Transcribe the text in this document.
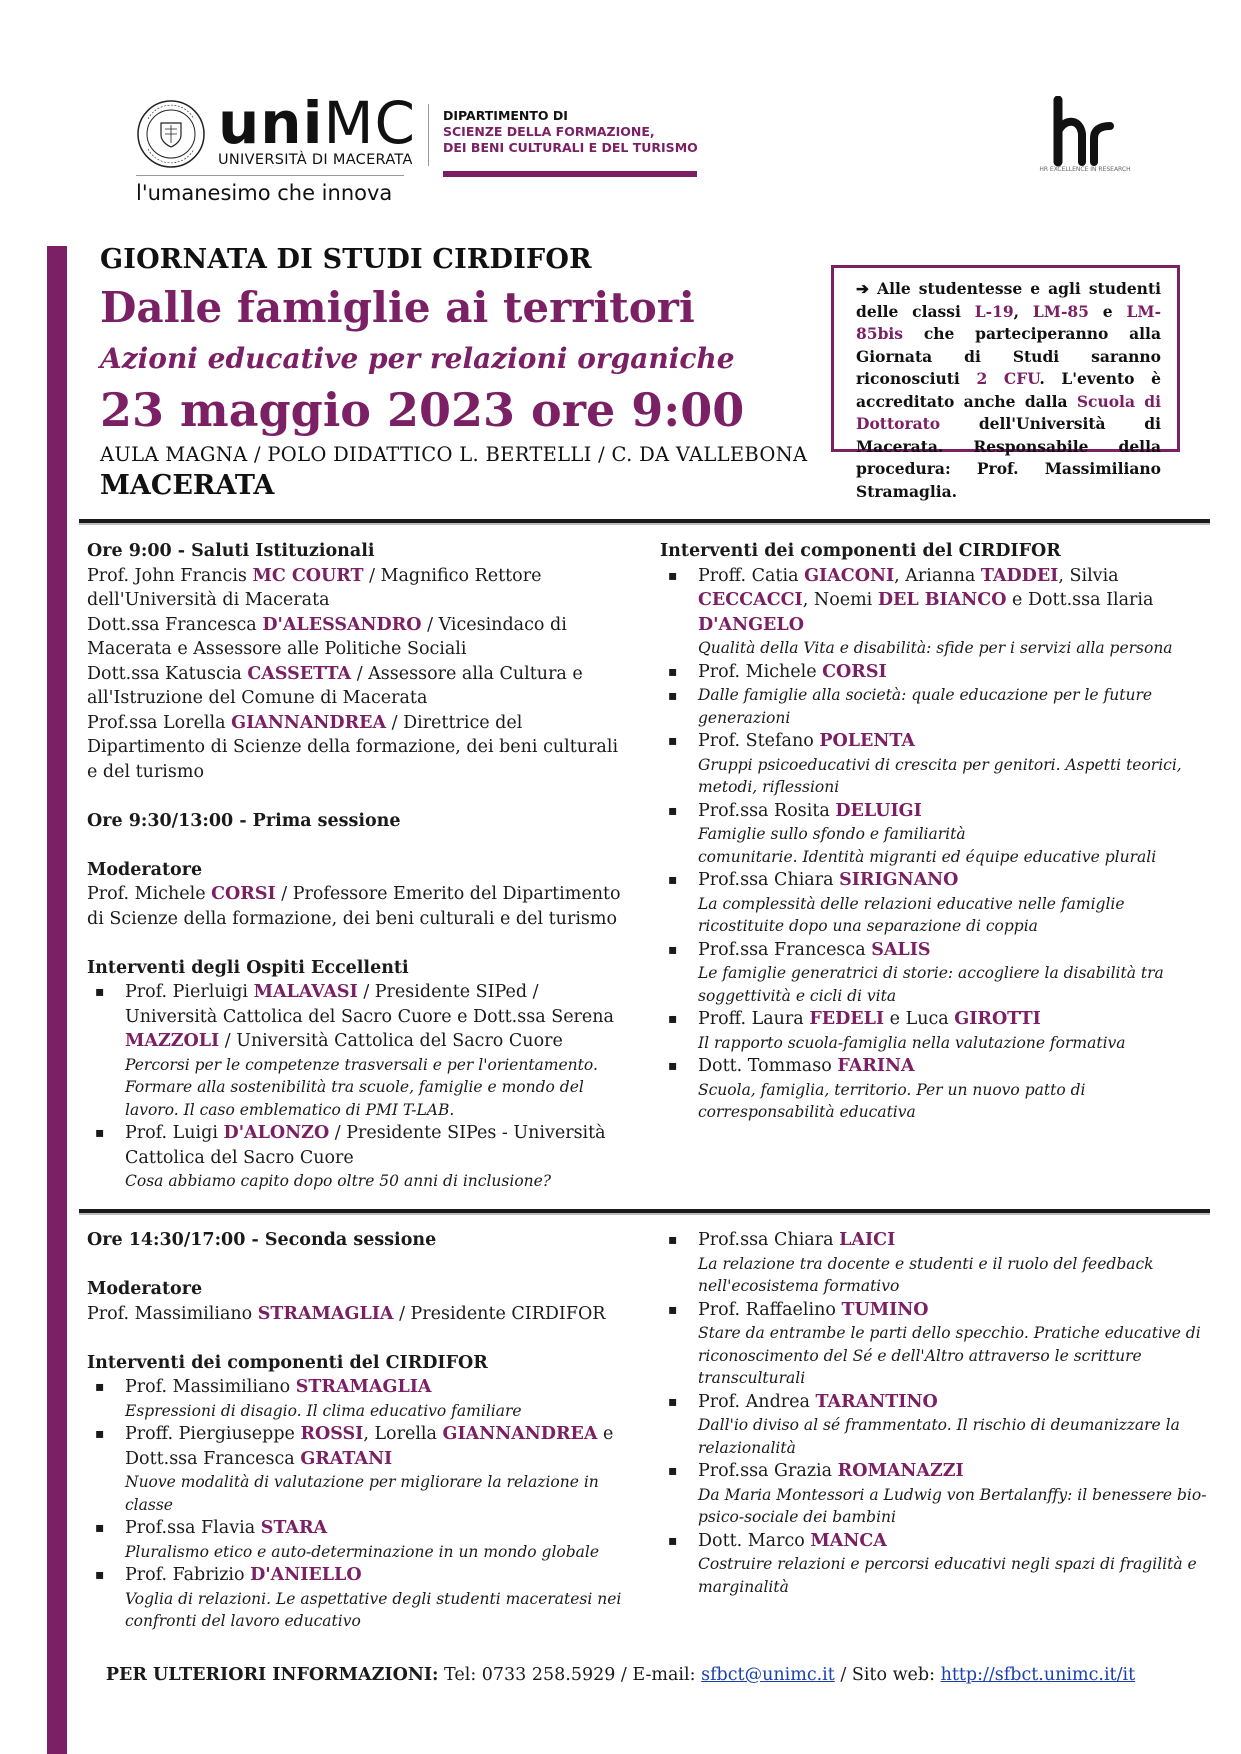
uniMC
UNIVERSITÀ DI MACERATA
l'umanesimo che innova
DIPARTIMENTO DI
SCIENZE DELLA FORMAZIONE,
DEI BENI CULTURALI E DEL TURISMO
HR EXCELLENCE IN RESEARCH
GIORNATA DI STUDI CIRDIFOR
Dalle famiglie ai territori
Azioni educative per relazioni organiche
23 maggio 2023 ore 9:00
AULA MAGNA / POLO DIDATTICO L. BERTELLI / C. DA VALLEBONA
MACERATA
➔ Alle studentesse e agli studenti delle classi L-19, LM-85 e LM-85bis che parteciperanno alla Giornata di Studi saranno riconosciuti 2 CFU. L'evento è accreditato anche dalla Scuola di Dottorato dell'Università di Macerata. Responsabile della procedura: Prof. Massimiliano Stramaglia.
Ore 9:00 - Saluti Istituzionali
Prof. John Francis MC COURT / Magnifico Rettore dell'Università di Macerata
Dott.ssa Francesca D'ALESSANDRO / Vicesindaco di Macerata e Assessore alle Politiche Sociali
Dott.ssa Katuscia CASSETTA / Assessore alla Cultura e all'Istruzione del Comune di Macerata
Prof.ssa Lorella GIANNANDREA / Direttrice del Dipartimento di Scienze della formazione, dei beni culturali e del turismo
Ore 9:30/13:00 - Prima sessione
Moderatore
Prof. Michele CORSI / Professore Emerito del Dipartimento di Scienze della formazione, dei beni culturali e del turismo
Interventi degli Ospiti Eccellenti
▪ Prof. Pierluigi MALAVASI / Presidente SIPed / Università Cattolica del Sacro Cuore e Dott.ssa Serena MAZZOLI / Università Cattolica del Sacro Cuore
Percorsi per le competenze trasversali e per l'orientamento. Formare alla sostenibilità tra scuole, famiglie e mondo del lavoro. Il caso emblematico di PMI T-LAB.
▪ Prof. Luigi D'ALONZO / Presidente SIPes - Università Cattolica del Sacro Cuore
Cosa abbiamo capito dopo oltre 50 anni di inclusione?
Interventi dei componenti del CIRDIFOR
▪ Proff. Catia GIACONI, Arianna TADDEI, Silvia CECCACCI, Noemi DEL BIANCO e Dott.ssa Ilaria D'ANGELO
Qualità della Vita e disabilità: sfide per i servizi alla persona
▪ Prof. Michele CORSI
▪ Dalle famiglie alla società: quale educazione per le future generazioni
▪ Prof. Stefano POLENTA
Gruppi psicoeducativi di crescita per genitori. Aspetti teorici, metodi, riflessioni
▪ Prof.ssa Rosita DELUIGI
Famiglie sullo sfondo e familiarità
comunitarie. Identità migranti ed équipe educative plurali
▪ Prof.ssa Chiara SIRIGNANO
La complessità delle relazioni educative nelle famiglie ricostituite dopo una separazione di coppia
▪ Prof.ssa Francesca SALIS
Le famiglie generatrici di storie: accogliere la disabilità tra soggettività e cicli di vita
▪ Proff. Laura FEDELI e Luca GIROTTI
Il rapporto scuola-famiglia nella valutazione formativa
▪ Dott. Tommaso FARINA
Scuola, famiglia, territorio. Per un nuovo patto di corresponsabilità educativa
Ore 14:30/17:00 - Seconda sessione
Moderatore
Prof. Massimiliano STRAMAGLIA / Presidente CIRDIFOR
Interventi dei componenti del CIRDIFOR
▪ Prof. Massimiliano STRAMAGLIA
Espressioni di disagio. Il clima educativo familiare
▪ Proff. Piergiuseppe ROSSI, Lorella GIANNANDREA e Dott.ssa Francesca GRATANI
Nuove modalità di valutazione per migliorare la relazione in classe
▪ Prof.ssa Flavia STARA
Pluralismo etico e auto-determinazione in un mondo globale
▪ Prof. Fabrizio D'ANIELLO
Voglia di relazioni. Le aspettative degli studenti maceratesi nei confronti del lavoro educativo
▪ Prof.ssa Chiara LAICI
La relazione tra docente e studenti e il ruolo del feedback nell'ecosistema formativo
▪ Prof. Raffaelino TUMINO
Stare da entrambe le parti dello specchio. Pratiche educative di riconoscimento del Sé e dell'Altro attraverso le scritture transculturali
▪ Prof. Andrea TARANTINO
Dall'io diviso al sé frammentato. Il rischio di deumanizzare la relazionalità
▪ Prof.ssa Grazia ROMANAZZI
Da Maria Montessori a Ludwig von Bertalanffy: il benessere bio-psico-sociale dei bambini
▪ Dott. Marco MANCA
Costruire relazioni e percorsi educativi negli spazi di fragilità e marginalità
PER ULTERIORI INFORMAZIONI: Tel: 0733 258.5929 / E-mail: sfbct@unimc.it / Sito web: http://sfbct.unimc.it/it
